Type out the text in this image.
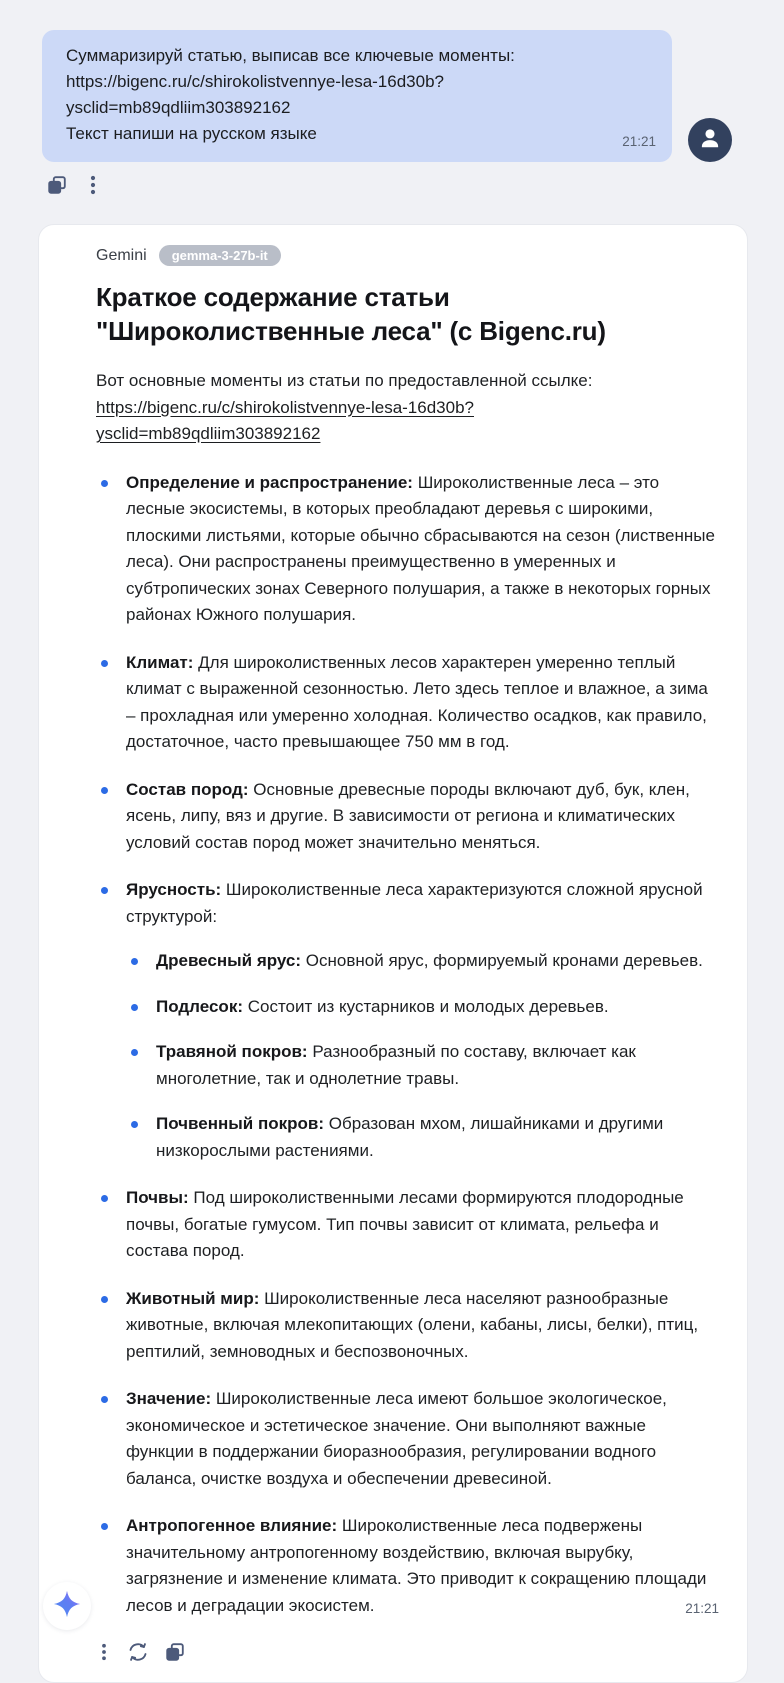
Суммаризируй статью, выписав все ключевые моменты:
https://bigenc.ru/c/shirokolistvennye-lesa-16d30b?
ysclid=mb89qdliim303892162
Текст напиши на русском языке	21:21
Gemini	gemma-3-27b-it
Краткое содержание статьи "Широколиственные леса" (с Bigenc.ru)

Вот основные моменты из статьи по предоставленной ссылке:
https://bigenc.ru/c/shirokolistvennye-lesa-16d30b?
ysclid=mb89qdliim303892162

Определение и распространение: Широколиственные леса – это лесные экосистемы, в которых преобладают деревья с широкими, плоскими листьями, которые обычно сбрасываются на сезон (лиственные леса). Они распространены преимущественно в умеренных и субтропических зонах Северного полушария, а также в некоторых горных районах Южного полушария.
Климат: Для широколиственных лесов характерен умеренно теплый климат с выраженной сезонностью. Лето здесь теплое и влажное, а зима – прохладная или умеренно холодная. Количество осадков, как правило, достаточное, часто превышающее 750 мм в год.
Состав пород: Основные древесные породы включают дуб, бук, клен, ясень, липу, вяз и другие. В зависимости от региона и климатических условий состав пород может значительно меняться.
Ярусность: Широколиственные леса характеризуются сложной ярусной структурой:
Древесный ярус: Основной ярус, формируемый кронами деревьев.
Подлесок: Состоит из кустарников и молодых деревьев.
Травяной покров: Разнообразный по составу, включает как многолетние, так и однолетние травы.
Почвенный покров: Образован мхом, лишайниками и другими низкорослыми растениями.
Почвы: Под широколиственными лесами формируются плодородные почвы, богатые гумусом. Тип почвы зависит от климата, рельефа и состава пород.
Животный мир: Широколиственные леса населяют разнообразные животные, включая млекопитающих (олени, кабаны, лисы, белки), птиц, рептилий, земноводных и беспозвоночных.
Значение: Широколиственные леса имеют большое экологическое, экономическое и эстетическое значение. Они выполняют важные функции в поддержании биоразнообразия, регулировании водного баланса, очистке воздуха и обеспечении древесиной.
Антропогенное влияние: Широколиственные леса подвержены значительному антропогенному воздействию, включая вырубку, загрязнение и изменение климата. Это приводит к сокращению площади лесов и деградации экосистем.	21:21
